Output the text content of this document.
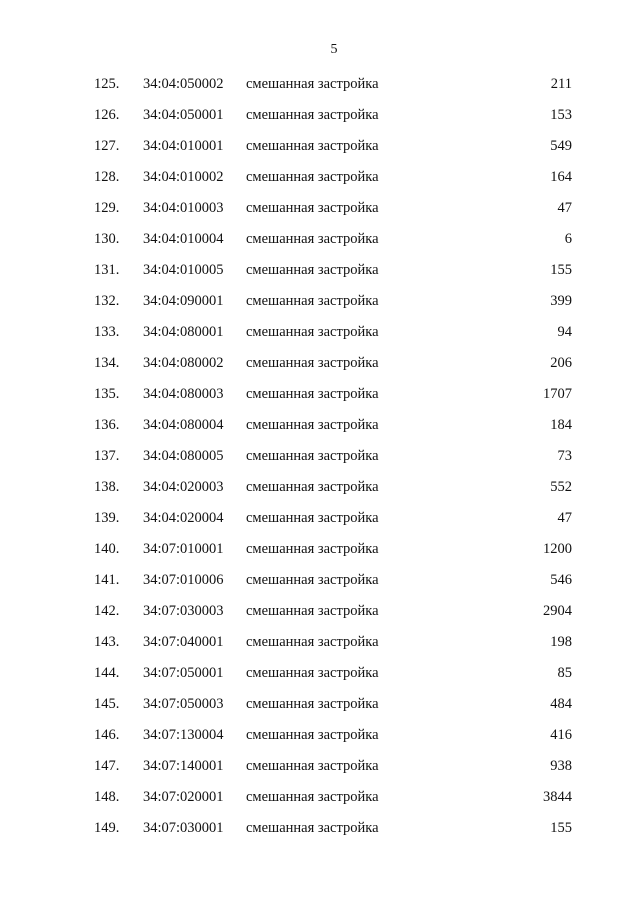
5
125. 34:04:050002 смешанная застройка	211
126. 34:04:050001 смешанная застройка	153
127. 34:04:010001 смешанная застройка	549
128. 34:04:010002 смешанная застройка	164
129. 34:04:010003 смешанная застройка	47
130. 34:04:010004 смешанная застройка	6
131. 34:04:010005 смешанная застройка	155
132. 34:04:090001 смешанная застройка	399
133. 34:04:080001 смешанная застройка	94
134. 34:04:080002 смешанная застройка	206
135. 34:04:080003 смешанная застройка	1707
136. 34:04:080004 смешанная застройка	184
137. 34:04:080005 смешанная застройка	73
138. 34:04:020003 смешанная застройка	552
139. 34:04:020004 смешанная застройка	47
140. 34:07:010001 смешанная застройка	1200
141. 34:07:010006 смешанная застройка	546
142. 34:07:030003 смешанная застройка	2904
143. 34:07:040001 смешанная застройка	198
144. 34:07:050001 смешанная застройка	85
145. 34:07:050003 смешанная застройка	484
146. 34:07:130004 смешанная застройка	416
147. 34:07:140001 смешанная застройка	938
148. 34:07:020001 смешанная застройка	3844
149. 34:07:030001 смешанная застройка	155
